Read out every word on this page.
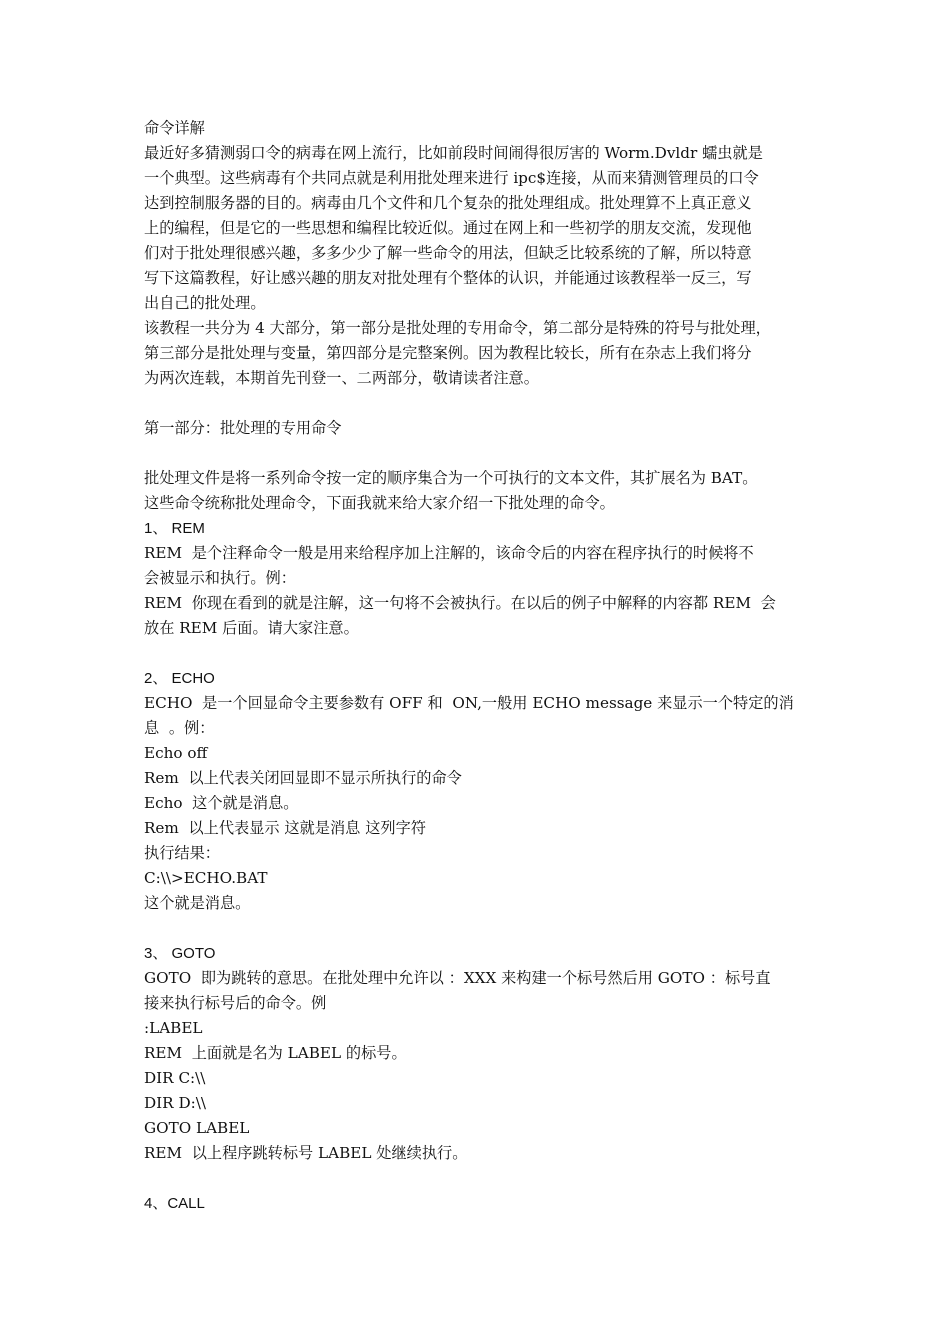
命令详解
最近好多猜测弱口令的病毒在网上流行，比如前段时间闹得很厉害的 Worm.Dvldr 蠕虫就是
一个典型。这些病毒有个共同点就是利用批处理来进行 ipc$连接，从而来猜测管理员的口令
达到控制服务器的目的。病毒由几个文件和几个复杂的批处理组成。批处理算不上真正意义
上的编程，但是它的一些思想和编程比较近似。通过在网上和一些初学的朋友交流，发现他
们对于批处理很感兴趣，多多少少了解一些命令的用法，但缺乏比较系统的了解，所以特意
写下这篇教程，好让感兴趣的朋友对批处理有个整体的认识，并能通过该教程举一反三，写
出自己的批处理。
该教程一共分为 4 大部分，第一部分是批处理的专用命令，第二部分是特殊的符号与批处理，
第三部分是批处理与变量，第四部分是完整案例。因为教程比较长，所有在杂志上我们将分
为两次连载，本期首先刊登一、二两部分，敬请读者注意。
第一部分：批处理的专用命令
批处理文件是将一系列命令按一定的顺序集合为一个可执行的文本文件，其扩展名为 BAT。
这些命令统称批处理命令，下面我就来给大家介绍一下批处理的命令。
1、 REM
REM  是个注释命令一般是用来给程序加上注解的，该命令后的内容在程序执行的时候将不
会被显示和执行。例：
REM  你现在看到的就是注解，这一句将不会被执行。在以后的例子中解释的内容都 REM  会
放在 REM 后面。请大家注意。
2、 ECHO
ECHO  是一个回显命令主要参数有 OFF 和  ON,一般用 ECHO message 来显示一个特定的消
息  。例：
Echo off
Rem  以上代表关闭回显即不显示所执行的命令
Echo  这个就是消息。
Rem  以上代表显示 这就是消息 这列字符
执行结果：
C:\\>ECHO.BAT
这个就是消息。
3、 GOTO
GOTO  即为跳转的意思。在批处理中允许以 ：XXX 来构建一个标号然后用 GOTO ：标号直
接来执行标号后的命令。例
:LABEL
REM  上面就是名为 LABEL 的标号。
DIR C:\\
DIR D:\\
GOTO LABEL
REM  以上程序跳转标号 LABEL 处继续执行。
4、CALL
